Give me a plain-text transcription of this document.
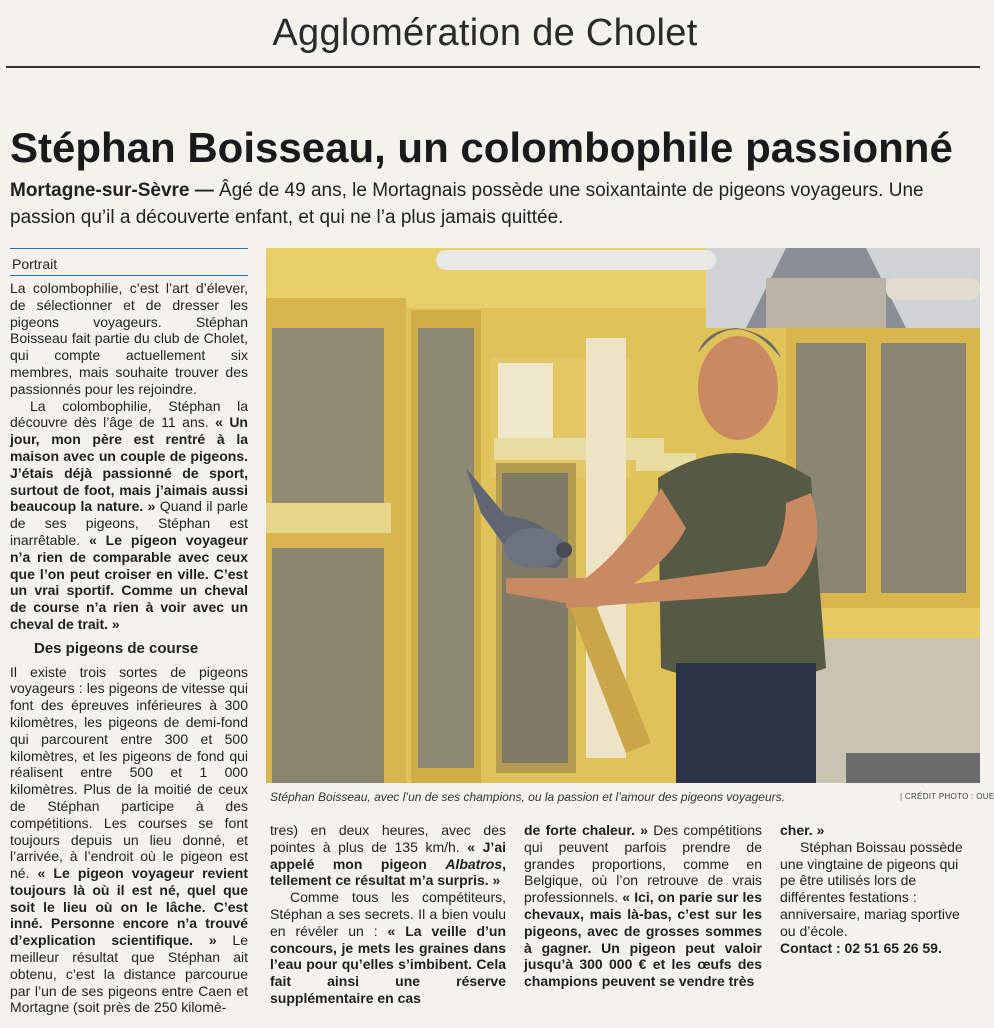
Agglomération de Cholet
Stéphan Boisseau, un colombophile passionné
Mortagne-sur-Sèvre — Âgé de 49 ans, le Mortagnais possède une soixantainte de pigeons voyageurs. Une passion qu’il a découverte enfant, et qui ne l’a plus jamais quittée.
Portrait

La colombophilie, c’est l’art d’élever, de sélectionner et de dresser les pigeons voyageurs. Stéphan Boisseau fait partie du club de Cholet, qui compte actuellement six membres, mais souhaite trouver des passionnés pour les rejoindre.

La colombophilie, Stéphan la découvre dès l’âge de 11 ans. « Un jour, mon père est rentré à la maison avec un couple de pigeons. J’étais déjà passionné de sport, surtout de foot, mais j’aimais aussi beaucoup la nature. » Quand il parle de ses pigeons, Stéphan est inarrêtable. « Le pigeon voyageur n’a rien de comparable avec ceux que l’on peut croiser en ville. C’est un vrai sportif. Comme un cheval de course n’a rien à voir avec un cheval de trait. »

Des pigeons de course

Il existe trois sortes de pigeons voyageurs : les pigeons de vitesse qui font des épreuves inférieures à 300 kilomètres, les pigeons de demi-fond qui parcourent entre 300 et 500 kilomètres, et les pigeons de fond qui réalisent entre 500 et 1 000 kilomètres. Plus de la moitié de ceux de Stéphan participe à des compétitions. Les courses se font toujours depuis un lieu donné, et l’arrivée, à l’endroit où le pigeon est né. « Le pigeon voyageur revient toujours là où il est né, quel que soit le lieu où on le lâche. C’est inné. Personne encore n’a trouvé d’explication scientifique. » Le meilleur résultat que Stéphan ait obtenu, c’est la distance parcourue par l’un de ses pigeons entre Caen et Mortagne (soit près de 250 kilomè-

Stéphan Boisseau, avec l’un de ses champions, ou la passion et l’amour des pigeons voyageurs.	| CRÉDIT PHOTO : OUE

tres) en deux heures, avec des pointes à plus de 135 km/h. « J’ai appelé mon pigeon Albatros, tellement ce résultat m’a surpris. »

Comme tous les compétiteurs, Stéphan a ses secrets. Il a bien voulu en révéler un : « La veille d’un concours, je mets les graines dans l’eau pour qu’elles s’imbibent. Cela fait ainsi une réserve supplémentaire en cas

de forte chaleur. » Des compétitions qui peuvent parfois prendre de grandes proportions, comme en Belgique, où l’on retrouve de vrais professionnels. « Ici, on parie sur les chevaux, mais là-bas, c’est sur les pigeons, avec de grosses sommes à gagner. Un pigeon peut valoir jusqu’à 300 000 € et les œufs des champions peuvent se vendre très

cher. »

Stéphan Boissau possède une vingtaine de pigeons qui pe être utilisés lors de différentes festations : anniversaire, mariag sportive ou d’école.

Contact : 02 51 65 26 59.
